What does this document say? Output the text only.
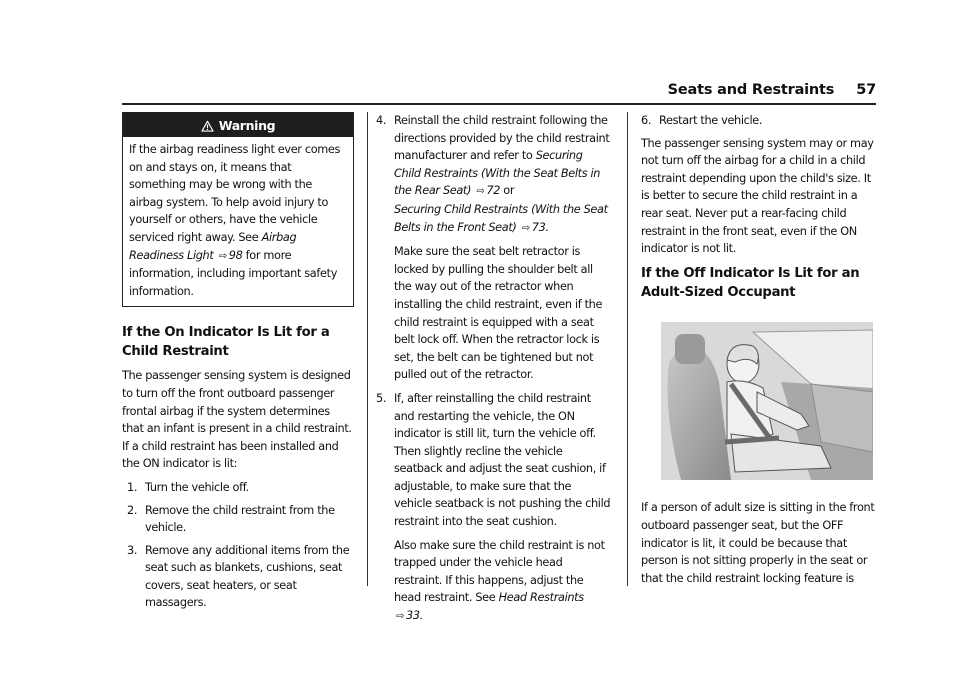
Seats and Restraints 57
Warning
If the airbag readiness light ever comes on and stays on, it means that something may be wrong with the airbag system. To help avoid injury to yourself or others, have the vehicle serviced right away. See Airbag Readiness Light ⇨ 98 for more information, including important safety information.
If the On Indicator Is Lit for a Child Restraint

The passenger sensing system is designed to turn off the front outboard passenger frontal airbag if the system determines that an infant is present in a child restraint. If a child restraint has been installed and the ON indicator is lit:

1. Turn the vehicle off.
2. Remove the child restraint from the vehicle.
3. Remove any additional items from the seat such as blankets, cushions, seat covers, seat heaters, or seat massagers.
4. Reinstall the child restraint following the directions provided by the child restraint manufacturer and refer to Securing Child Restraints (With the Seat Belts in the Rear Seat) ⇨ 72 or
Securing Child Restraints (With the Seat Belts in the Front Seat) ⇨ 73.

Make sure the seat belt retractor is locked by pulling the shoulder belt all the way out of the retractor when installing the child restraint, even if the child restraint is equipped with a seat belt lock off. When the retractor lock is set, the belt can be tightened but not pulled out of the retractor.

5. If, after reinstalling the child restraint and restarting the vehicle, the ON indicator is still lit, turn the vehicle off. Then slightly recline the vehicle seatback and adjust the seat cushion, if adjustable, to make sure that the vehicle seatback is not pushing the child restraint into the seat cushion.

Also make sure the child restraint is not trapped under the vehicle head restraint. If this happens, adjust the head restraint. See Head Restraints ⇨ 33.

6. Restart the vehicle.

The passenger sensing system may or may not turn off the airbag for a child in a child restraint depending upon the child's size. It is better to secure the child restraint in a rear seat. Never put a rear-facing child restraint in the front seat, even if the ON indicator is not lit.

If the Off Indicator Is Lit for an Adult-Sized Occupant

If a person of adult size is sitting in the front outboard passenger seat, but the OFF indicator is lit, it could be because that person is not sitting properly in the seat or that the child restraint locking feature is
